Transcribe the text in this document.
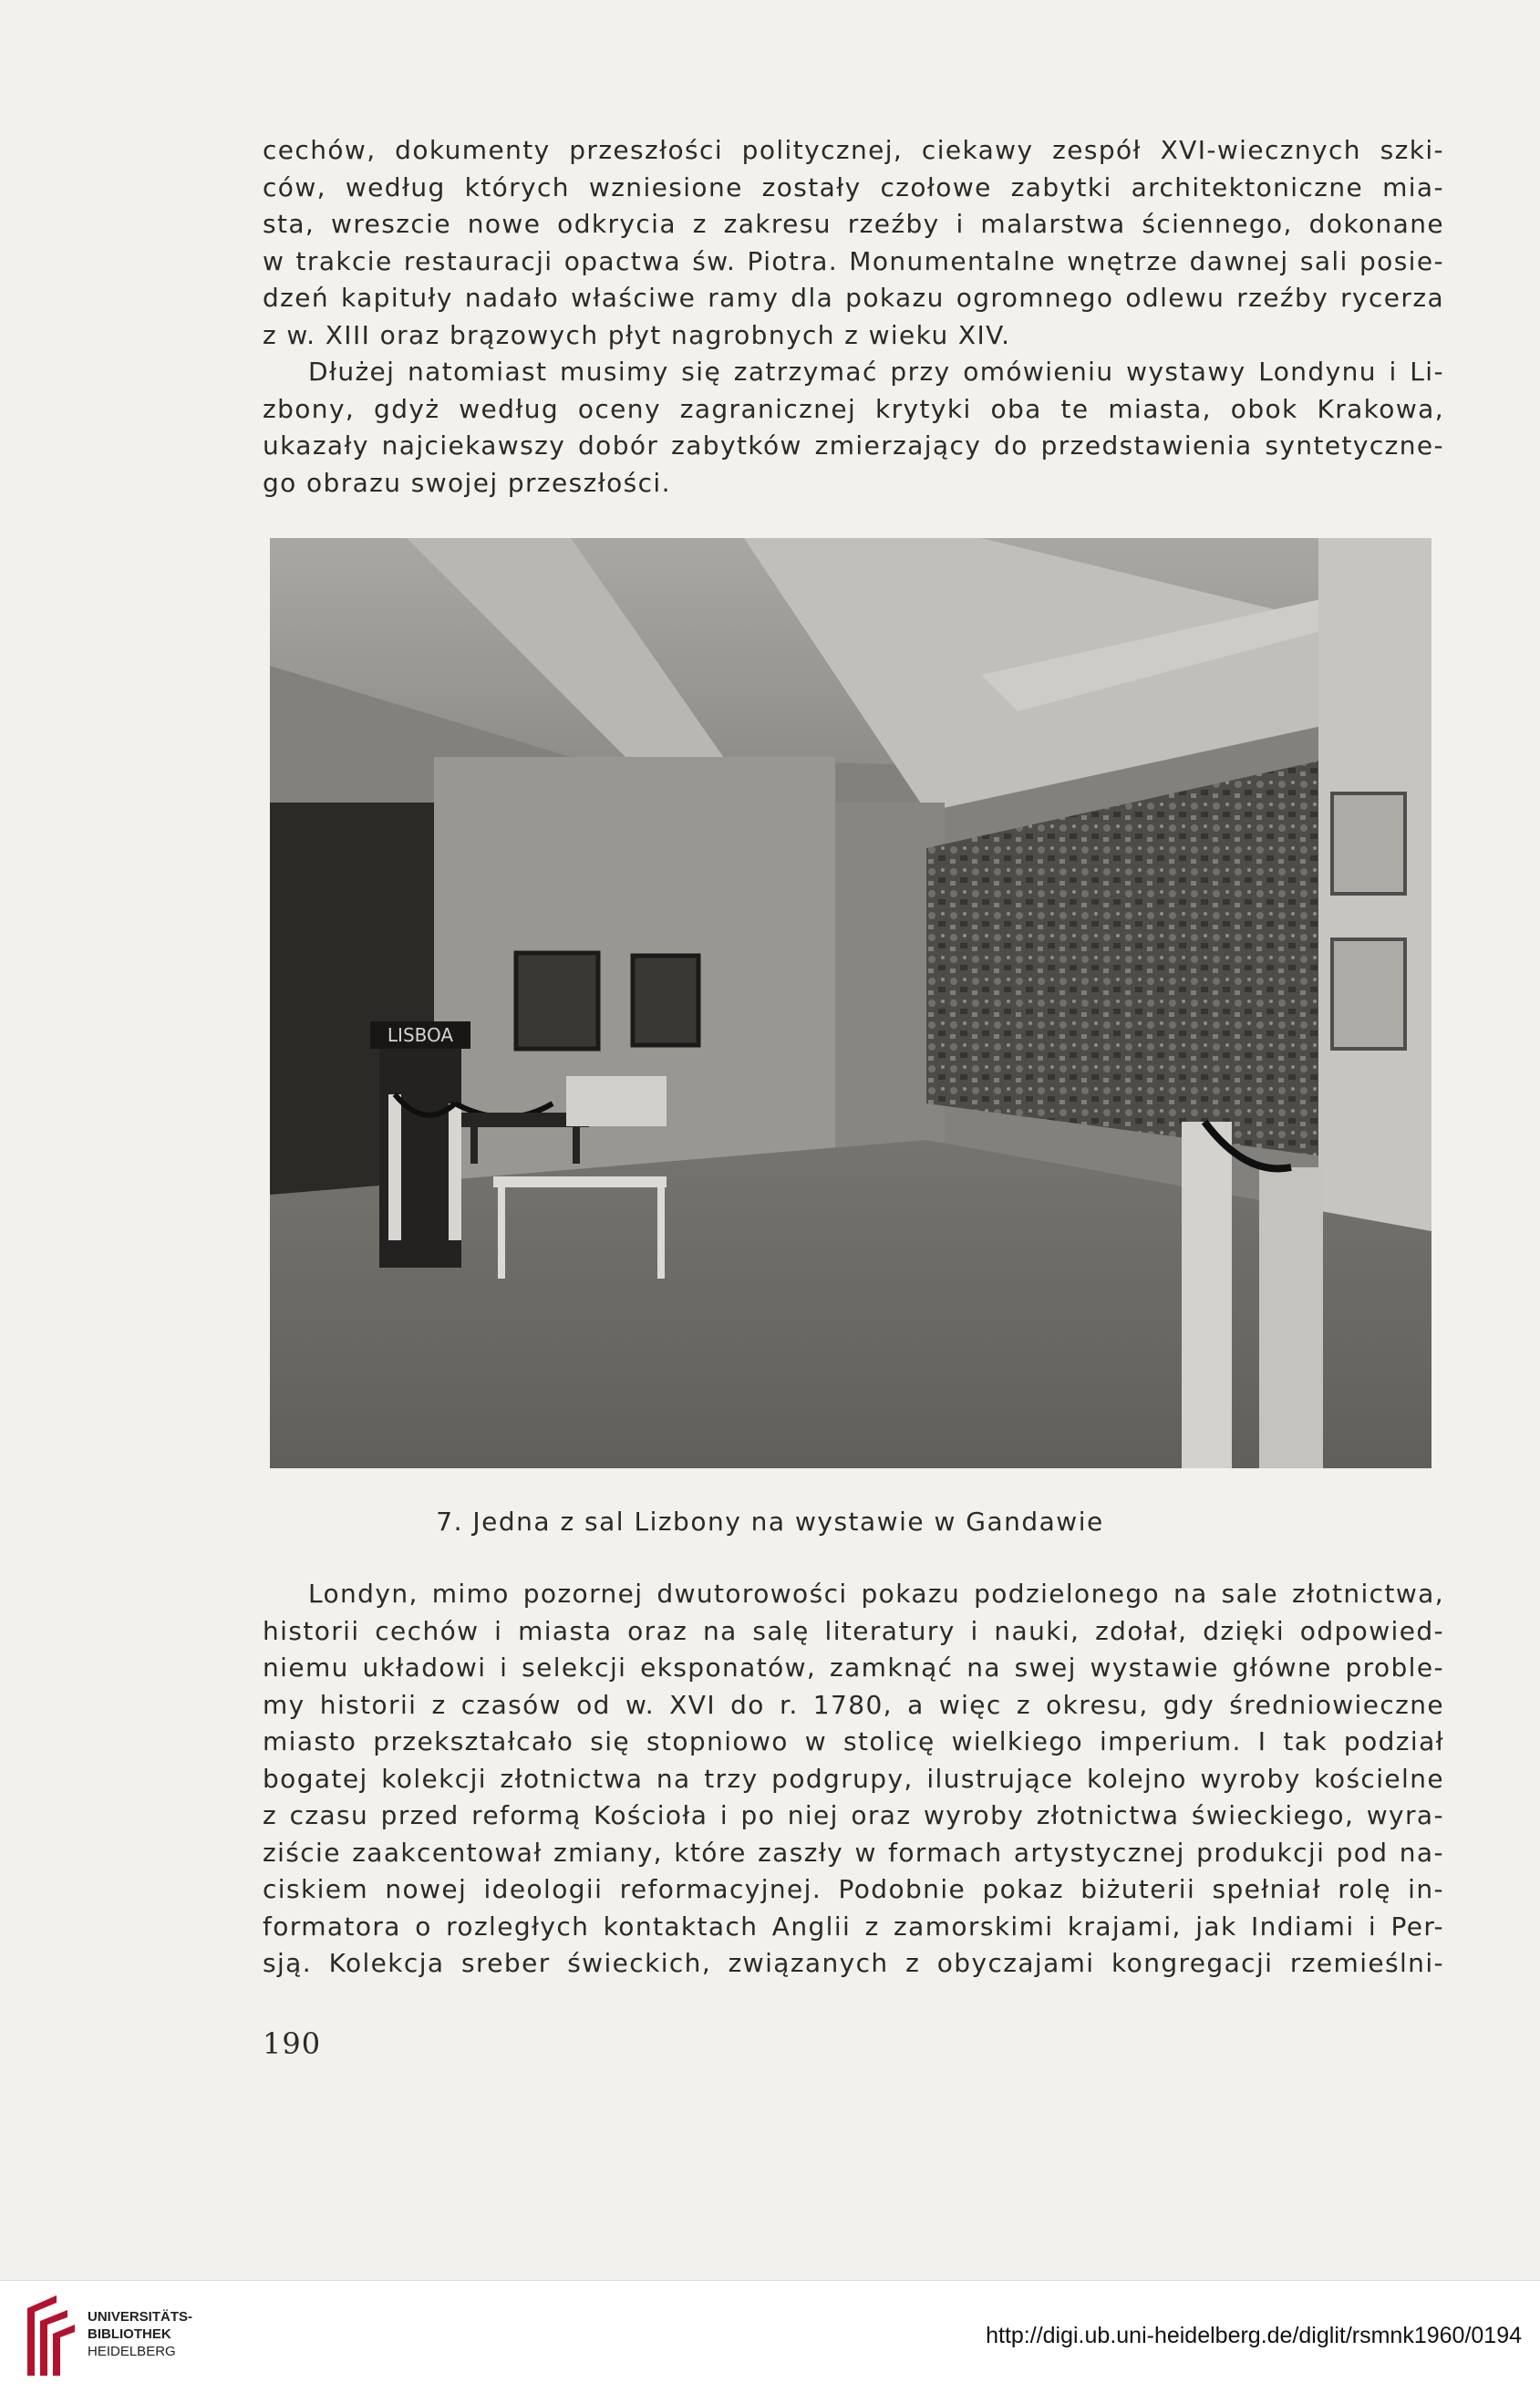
cechów, dokumenty przeszłości politycznej, ciekawy zespół XVI-wiecznych szki-
ców, według których wzniesione zostały czołowe zabytki architektoniczne mia-
sta, wreszcie nowe odkrycia z zakresu rzeźby i malarstwa ściennego, dokonane
w trakcie restauracji opactwa św. Piotra. Monumentalne wnętrze dawnej sali posie-
dzeń kapituły nadało właściwe ramy dla pokazu ogromnego odlewu rzeźby rycerza
z w. XIII oraz brązowych płyt nagrobnych z wieku XIV.
Dłużej natomiast musimy się zatrzymać przy omówieniu wystawy Londynu i Li-
zbony, gdyż według oceny zagranicznej krytyki oba te miasta, obok Krakowa,
ukazały najciekawszy dobór zabytków zmierzający do przedstawienia syntetyczne-
go obrazu swojej przeszłości.
LISBOA
7. Jedna z sal Lizbony na wystawie w Gandawie
Londyn, mimo pozornej dwutorowości pokazu podzielonego na sale złotnictwa,
historii cechów i miasta oraz na salę literatury i nauki, zdołał, dzięki odpowied-
niemu układowi i selekcji eksponatów, zamknąć na swej wystawie główne proble-
my historii z czasów od w. XVI do r. 1780, a więc z okresu, gdy średniowieczne
miasto przekształcało się stopniowo w stolicę wielkiego imperium. I tak podział
bogatej kolekcji złotnictwa na trzy podgrupy, ilustrujące kolejno wyroby kościelne
z czasu przed reformą Kościoła i po niej oraz wyroby złotnictwa świeckiego, wyra-
ziście zaakcentował zmiany, które zaszły w formach artystycznej produkcji pod na-
ciskiem nowej ideologii reformacyjnej. Podobnie pokaz biżuterii spełniał rolę in-
formatora o rozległych kontaktach Anglii z zamorskimi krajami, jak Indiami i Per-
sją. Kolekcja sreber świeckich, związanych z obyczajami kongregacji rzemieślni-
190
UNIVERSITÄTS-
BIBLIOTHEK
HEIDELBERG
http://digi.ub.uni-heidelberg.de/diglit/rsmnk1960/0194
